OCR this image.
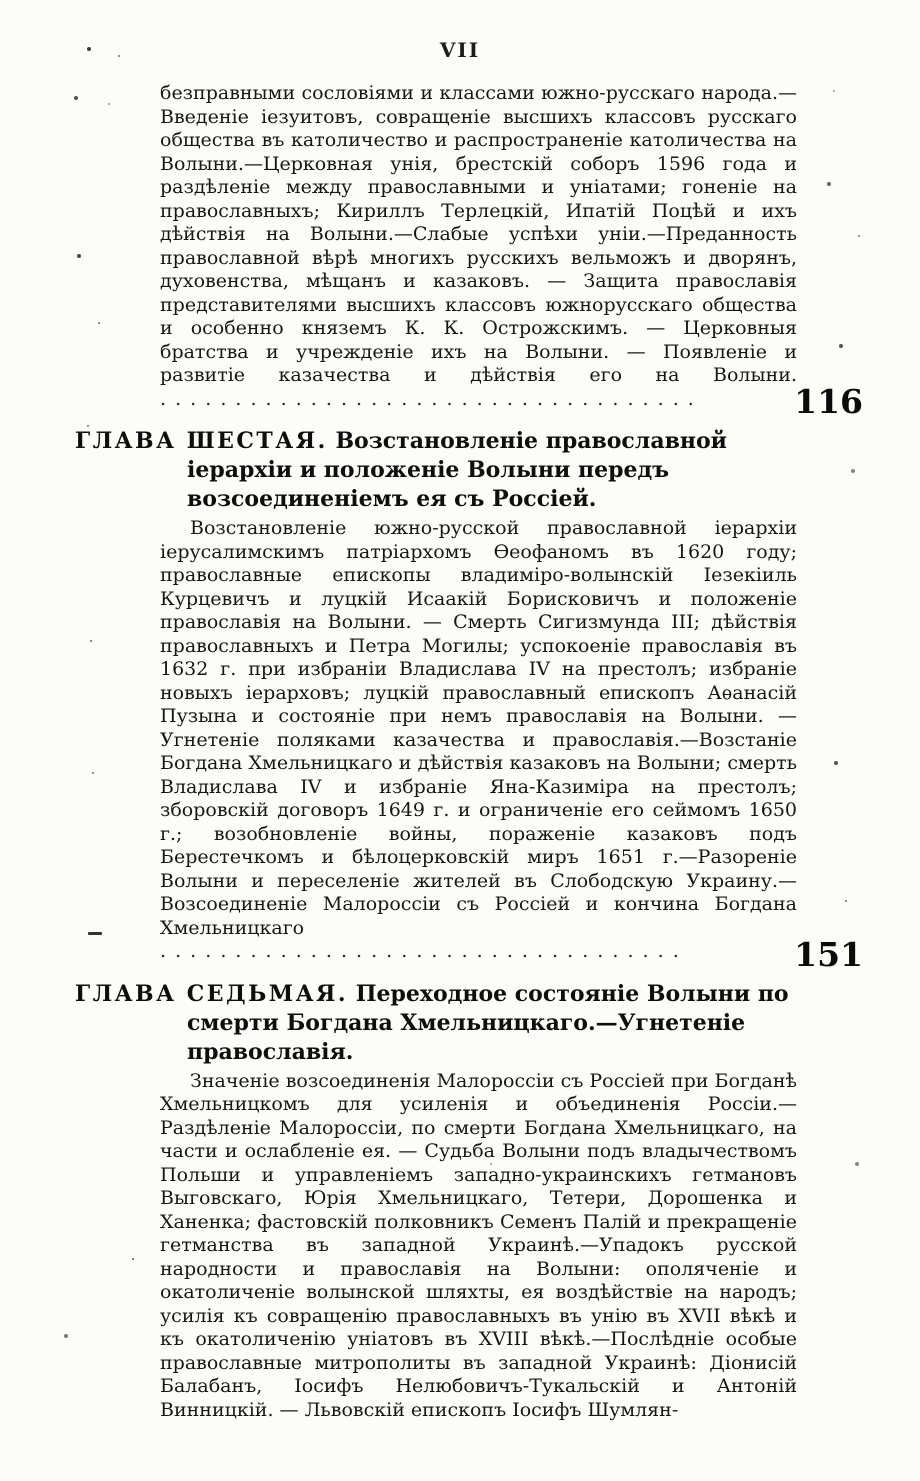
VII

безправными сословіями и классами южно-русскаго народа.—Введеніе іезуитовъ, совращеніе высшихъ классовъ русскаго общества въ католичество и распространеніе католичества на Волыни.—Церковная унія, брестскій соборъ 1596 года и раздѣленіе между православными и уніатами; гоненіе на православныхъ; Кириллъ Терлецкій, Ипатій Поцѣй и ихъ дѣйствія на Волыни.—Слабые успѣхи уніи.—Преданность православной вѣрѣ многихъ русскихъ вельможъ и дворянъ, духовенства, мѣщанъ и казаковъ. — Защита православія представителями высшихъ классовъ южнорусскаго общества и особенно княземъ К. К. Острожскимъ. — Церковныя братства и учрежденіе ихъ на Волыни. — Появленіе и развитіе казачества и дѣйствія его на Волыни. . . . . . . . . . . . . . . . . . . . . . . . . . . . . . . . . . . . .	116

ГЛАВА ШЕСТАЯ. Возстановленіе православной іерархіи и положеніе Волыни передъ возсоединеніемъ ея съ Россіей.

Возстановленіе южно-русской православной іерархіи іерусалимскимъ патріархомъ Ѳеофаномъ въ 1620 году; православные епископы владиміро-волынскій Іезекіиль Курцевичъ и луцкій Исаакій Борисковичъ и положеніе православія на Волыни. — Смерть Сигизмунда III; дѣйствія православныхъ и Петра Могилы; успокоеніе православія въ 1632 г. при избраніи Владислава IV на престолъ; избраніе новыхъ іерарховъ; луцкій православный епископъ Аѳанасій Пузына и состояніе при немъ православія на Волыни. — Угнетеніе поляками казачества и православія.—Возстаніе Богдана Хмельницкаго и дѣйствія казаковъ на Волыни; смерть Владислава IV и избраніе Яна-Казиміра на престолъ; зборовскій договоръ 1649 г. и ограниченіе его сеймомъ 1650 г.; возобновленіе войны, пораженіе казаковъ подъ Берестечкомъ и бѣлоцерковскій миръ 1651 г.—Разореніе Волыни и переселеніе жителей въ Слободскую Украину.—Возсоединеніе Малороссіи съ Россіей и кончина Богдана Хмельницкаго . . . . . . . . . . . . . . . . . . . . . . . . . . . . . . . . . . .	151

ГЛАВА СЕДЬМАЯ. Переходное состояніе Волыни по смерти Богдана Хмельницкаго.—Угнетеніе православія.

Значеніе возсоединенія Малороссіи съ Россіей при Богданѣ Хмельницкомъ для усиленія и объединенія Россіи.—Раздѣленіе Малороссіи, по смерти Богдана Хмельницкаго, на части и ослабленіе ея. — Судьба Волыни подъ владычествомъ Польши и управленіемъ западно-украинскихъ гетмановъ Выговскаго, Юрія Хмельницкаго, Тетери, Дорошенка и Ханенка; фастовскій полковникъ Семенъ Палій и прекращеніе гетманства въ западной Украинѣ.—Упадокъ русской народности и православія на Волыни: ополяченіе и окатоличеніе волынской шляхты, ея воздѣйствіе на народъ; усилія къ совращенію православныхъ въ унію въ XVII вѣкѣ и къ окатоличенію уніатовъ въ XVIII вѣкѣ.—Послѣдніе особые православные митрополиты въ западной Украинѣ: Діонисій Балабанъ, Іосифъ Нелюбовичъ-Тукальскій и Антоній Винницкій. — Львовскій епископъ Іосифъ Шумлян-
